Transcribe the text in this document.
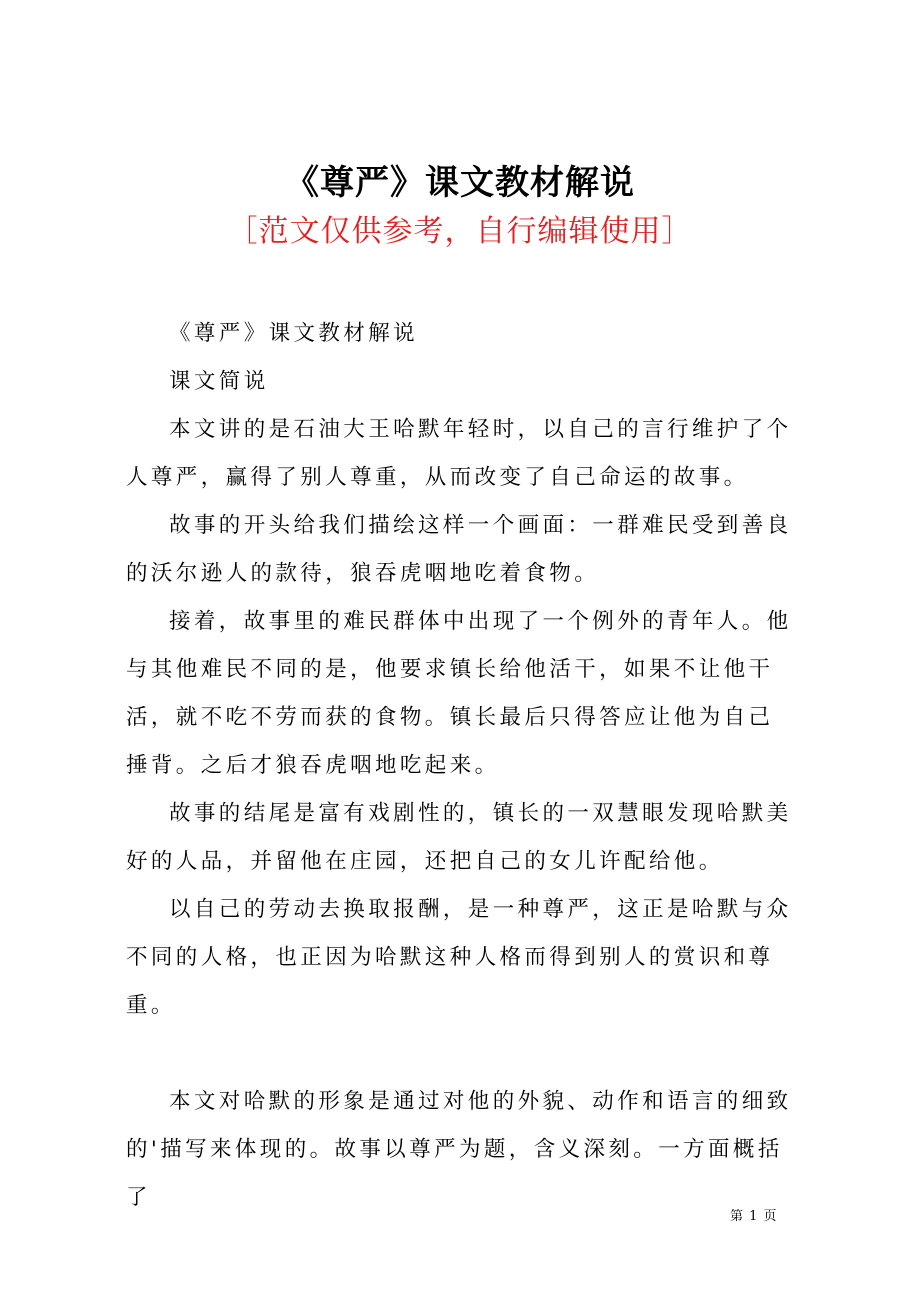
《尊严》课文教材解说
［范文仅供参考，自行编辑使用］

《尊严》课文教材解说

课文简说

本文讲的是石油大王哈默年轻时，以自己的言行维护了个人尊严，赢得了别人尊重，从而改变了自己命运的故事。

故事的开头给我们描绘这样一个画面：一群难民受到善良的沃尔逊人的款待，狼吞虎咽地吃着食物。

接着，故事里的难民群体中出现了一个例外的青年人。他与其他难民不同的是，他要求镇长给他活干，如果不让他干活，就不吃不劳而获的食物。镇长最后只得答应让他为自己捶背。之后才狼吞虎咽地吃起来。

故事的结尾是富有戏剧性的，镇长的一双慧眼发现哈默美好的人品，并留他在庄园，还把自己的女儿许配给他。

以自己的劳动去换取报酬，是一种尊严，这正是哈默与众不同的人格，也正因为哈默这种人格而得到别人的赏识和尊重。

本文对哈默的形象是通过对他的外貌、动作和语言的细致的'描写来体现的。故事以尊严为题，含义深刻。一方面概括了

第 1 页
